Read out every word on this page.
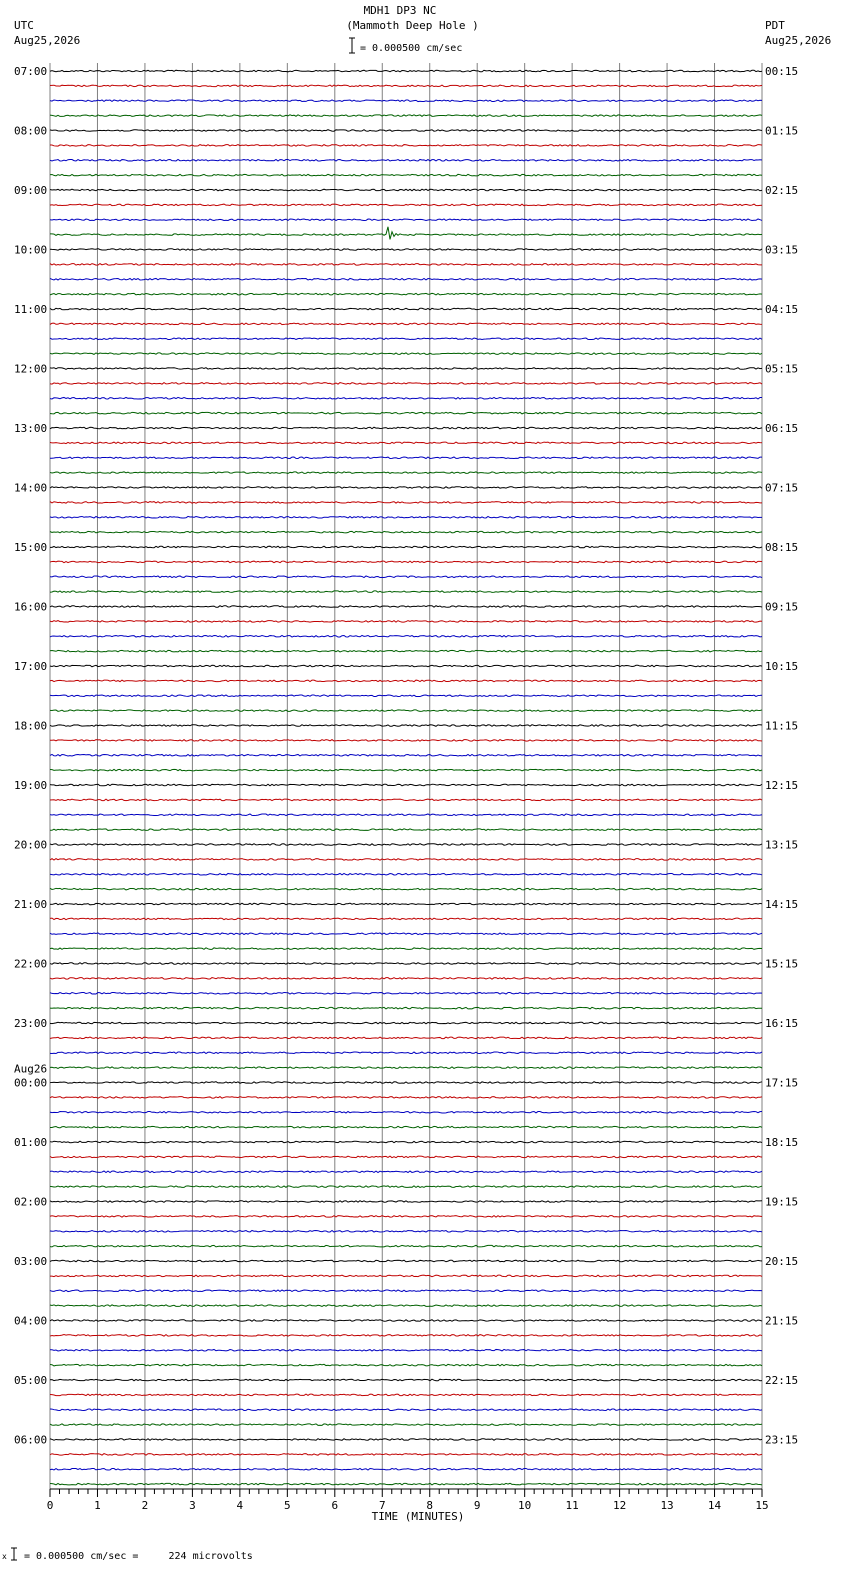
MDH1 DP3 NC
(Mammoth Deep Hole )
= 0.000500 cm/sec
UTC
Aug25,2026
PDT
Aug25,2026
07:00
08:00
09:00
10:00
11:00
12:00
13:00
14:00
15:00
16:00
17:00
18:00
19:00
20:00
21:00
22:00
23:00
00:00
Aug26
01:00
02:00
03:00
04:00
05:00
06:00
00:15
01:15
02:15
03:15
04:15
05:15
06:15
07:15
08:15
09:15
10:15
11:15
12:15
13:15
14:15
15:15
16:15
17:15
18:15
19:15
20:15
21:15
22:15
23:15
0	1	2	3	4	5	6	7	8	9	10	11	12	13	14	15
TIME (MINUTES)
x = 0.000500 cm/sec =     224 microvolts
